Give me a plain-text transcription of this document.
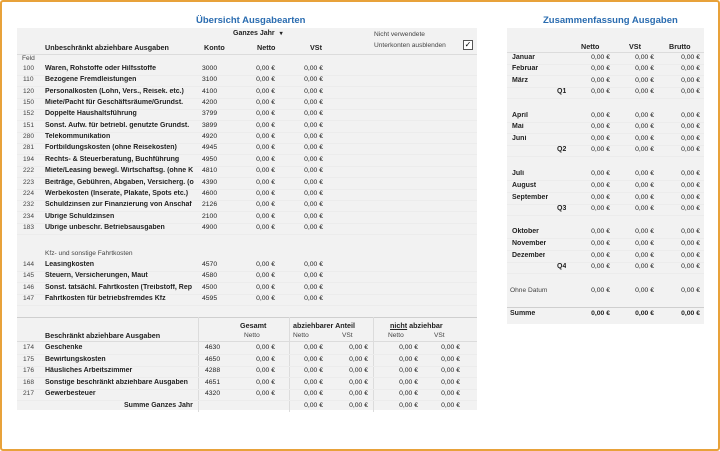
Übersicht Ausgabearten
Ganzes Jahr ▾	Nicht verwendete
Unterkonten ausblenden ✓
Unbeschränkt abziehbare Ausgaben	Konto	Netto	VSt
Feld
100 Waren, Rohstoffe oder Hilfsstoffe	3000	0,00 €	0,00 €
110 Bezogene Fremdleistungen	3100	0,00 €	0,00 €
120 Personalkosten (Lohn, Vers., Reisek. etc.)	4100	0,00 €	0,00 €
150 Miete/Pacht für Geschäftsräume/Grundst.	4200	0,00 €	0,00 €
152 Doppelte Haushaltsführung	3799	0,00 €	0,00 €
151 Sonst. Aufw. für betriebl. genutzte Grundst.	3899	0,00 €	0,00 €
280 Telekommunikation	4920	0,00 €	0,00 €
281 Fortbildungskosten (ohne Reisekosten)	4945	0,00 €	0,00 €
194 Rechts- & Steuerberatung, Buchführung	4950	0,00 €	0,00 €
222 Miete/Leasing bewegl. Wirtschaftsg. (ohne K 4810	0,00 €	0,00 €
223 Beiträge, Gebühren, Abgaben, Versicherg. (o 4390	0,00 €	0,00 €
224 Werbekosten (Inserate, Plakate, Spots etc.)	4600	0,00 €	0,00 €
232 Schuldzinsen zur Finanzierung von Anschaf	2126	0,00 €	0,00 €
234 Übrige Schuldzinsen	2100	0,00 €	0,00 €
183 Übrige unbeschr. Betriebsausgaben	4900	0,00 €	0,00 €
Kfz- und sonstige Fahrtkosten
144 Leasingkosten	4570	0,00 €	0,00 €
145 Steuern, Versicherungen, Maut	4580	0,00 €	0,00 €
146 Sonst. tatsächl. Fahrtkosten (Treibstoff, Rep	4500	0,00 €	0,00 €
147 Fahrtkosten für betriebsfremdes Kfz	4595	0,00 €	0,00 €
Gesamt	abziehbarer Anteil	nicht abziehbar
Beschränkt abziehbare Ausgaben	Netto	Netto	VSt	Netto	VSt
174 Geschenke	4630	0,00 €	0,00 €	0,00 €	0,00 €	0,00 €
175 Bewirtungskosten	4650	0,00 €	0,00 €	0,00 €	0,00 €	0,00 €
176 Häusliches Arbeitszimmer	4288	0,00 €	0,00 €	0,00 €	0,00 €	0,00 €
168 Sonstige beschränkt abziehbare Ausgaben	4651	0,00 €	0,00 €	0,00 €	0,00 €	0,00 €
217 Gewerbesteuer	4320	0,00 €	0,00 €	0,00 €	0,00 €	0,00 €
Summe Ganzes Jahr	0,00 €	0,00 €	0,00 €	0,00 €
Zusammenfassung Ausgaben
Netto	VSt	Brutto
Januar	0,00 €	0,00 €	0,00 €
Februar	0,00 €	0,00 €	0,00 €
März	0,00 €	0,00 €	0,00 €
Q1	0,00 €	0,00 €	0,00 €
April	0,00 €	0,00 €	0,00 €
Mai	0,00 €	0,00 €	0,00 €
Juni	0,00 €	0,00 €	0,00 €
Q2	0,00 €	0,00 €	0,00 €
Juli	0,00 €	0,00 €	0,00 €
August	0,00 €	0,00 €	0,00 €
September	0,00 €	0,00 €	0,00 €
Q3	0,00 €	0,00 €	0,00 €
Oktober	0,00 €	0,00 €	0,00 €
November	0,00 €	0,00 €	0,00 €
Dezember	0,00 €	0,00 €	0,00 €
Q4	0,00 €	0,00 €	0,00 €
Ohne Datum	0,00 €	0,00 €	0,00 €
Summe	0,00 €	0,00 €	0,00 €
